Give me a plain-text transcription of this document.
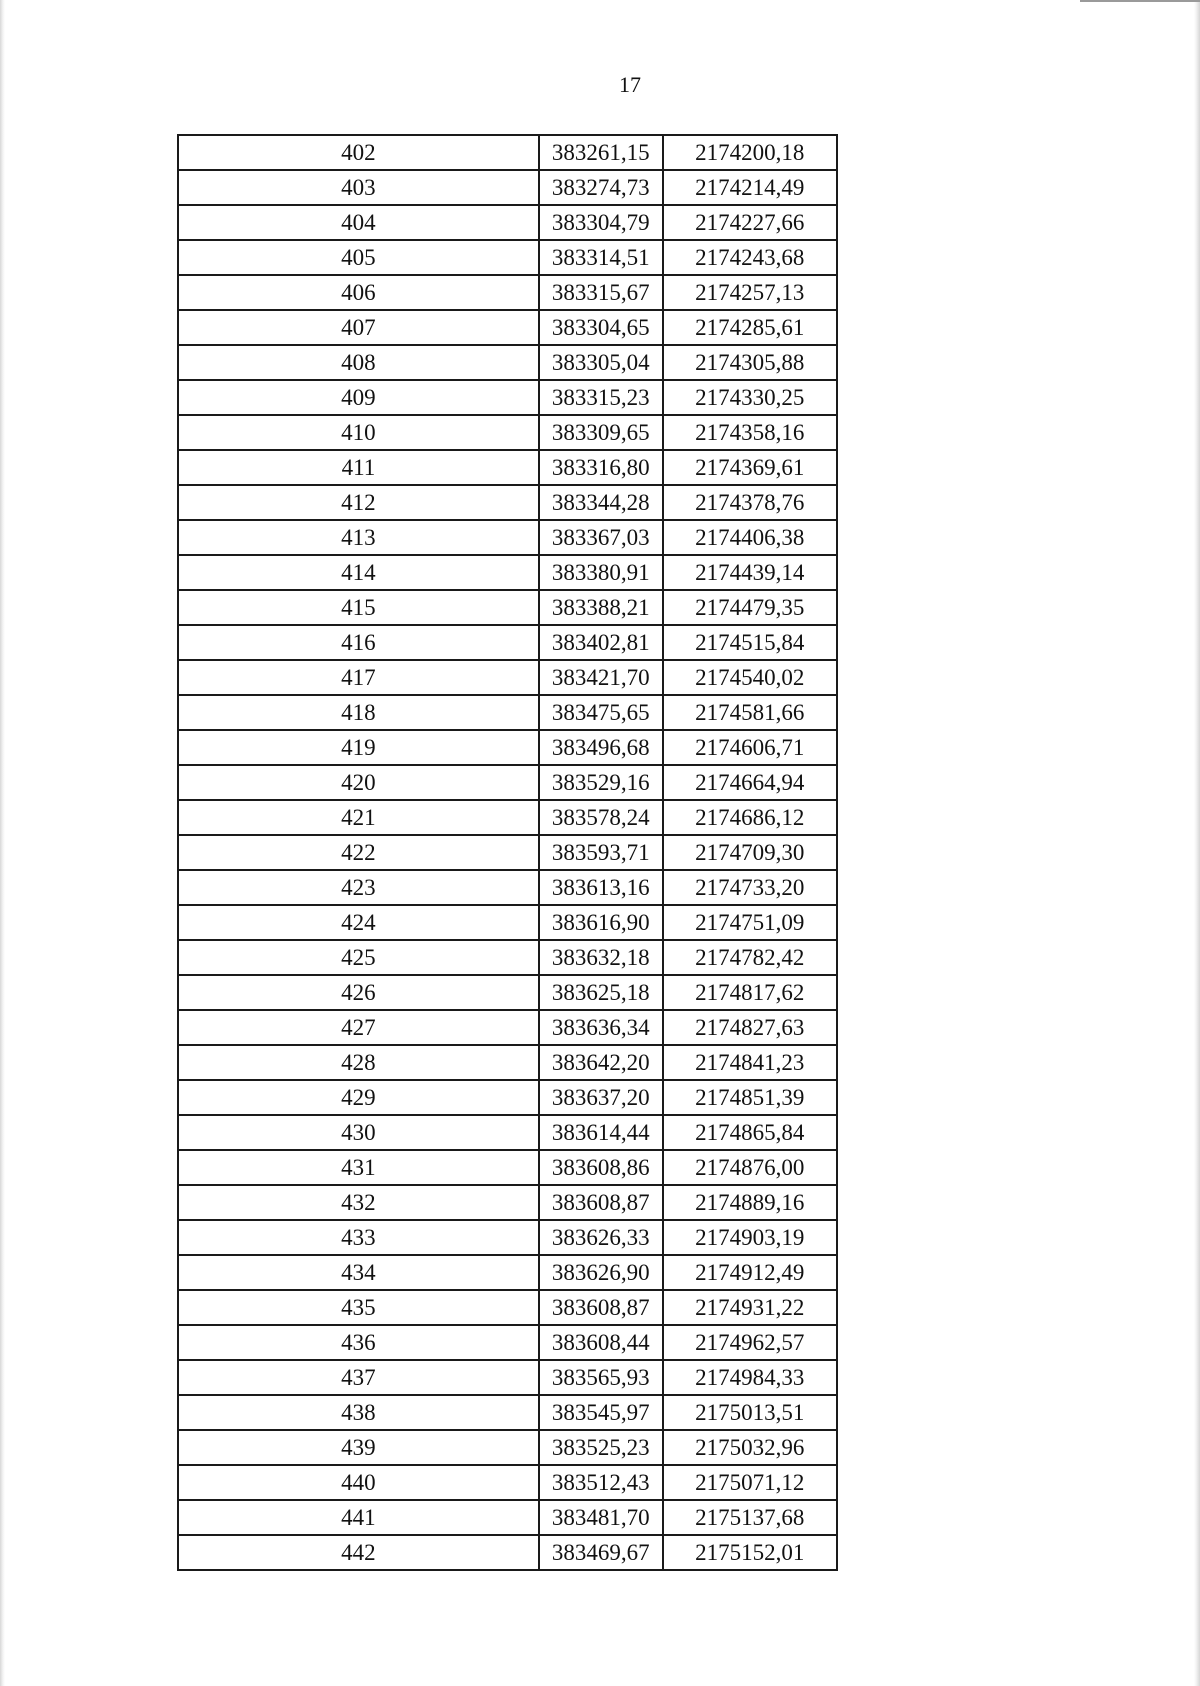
17
402	383261,15	2174200,18
403	383274,73	2174214,49
404	383304,79	2174227,66
405	383314,51	2174243,68
406	383315,67	2174257,13
407	383304,65	2174285,61
408	383305,04	2174305,88
409	383315,23	2174330,25
410	383309,65	2174358,16
411	383316,80	2174369,61
412	383344,28	2174378,76
413	383367,03	2174406,38
414	383380,91	2174439,14
415	383388,21	2174479,35
416	383402,81	2174515,84
417	383421,70	2174540,02
418	383475,65	2174581,66
419	383496,68	2174606,71
420	383529,16	2174664,94
421	383578,24	2174686,12
422	383593,71	2174709,30
423	383613,16	2174733,20
424	383616,90	2174751,09
425	383632,18	2174782,42
426	383625,18	2174817,62
427	383636,34	2174827,63
428	383642,20	2174841,23
429	383637,20	2174851,39
430	383614,44	2174865,84
431	383608,86	2174876,00
432	383608,87	2174889,16
433	383626,33	2174903,19
434	383626,90	2174912,49
435	383608,87	2174931,22
436	383608,44	2174962,57
437	383565,93	2174984,33
438	383545,97	2175013,51
439	383525,23	2175032,96
440	383512,43	2175071,12
441	383481,70	2175137,68
442	383469,67	2175152,01
